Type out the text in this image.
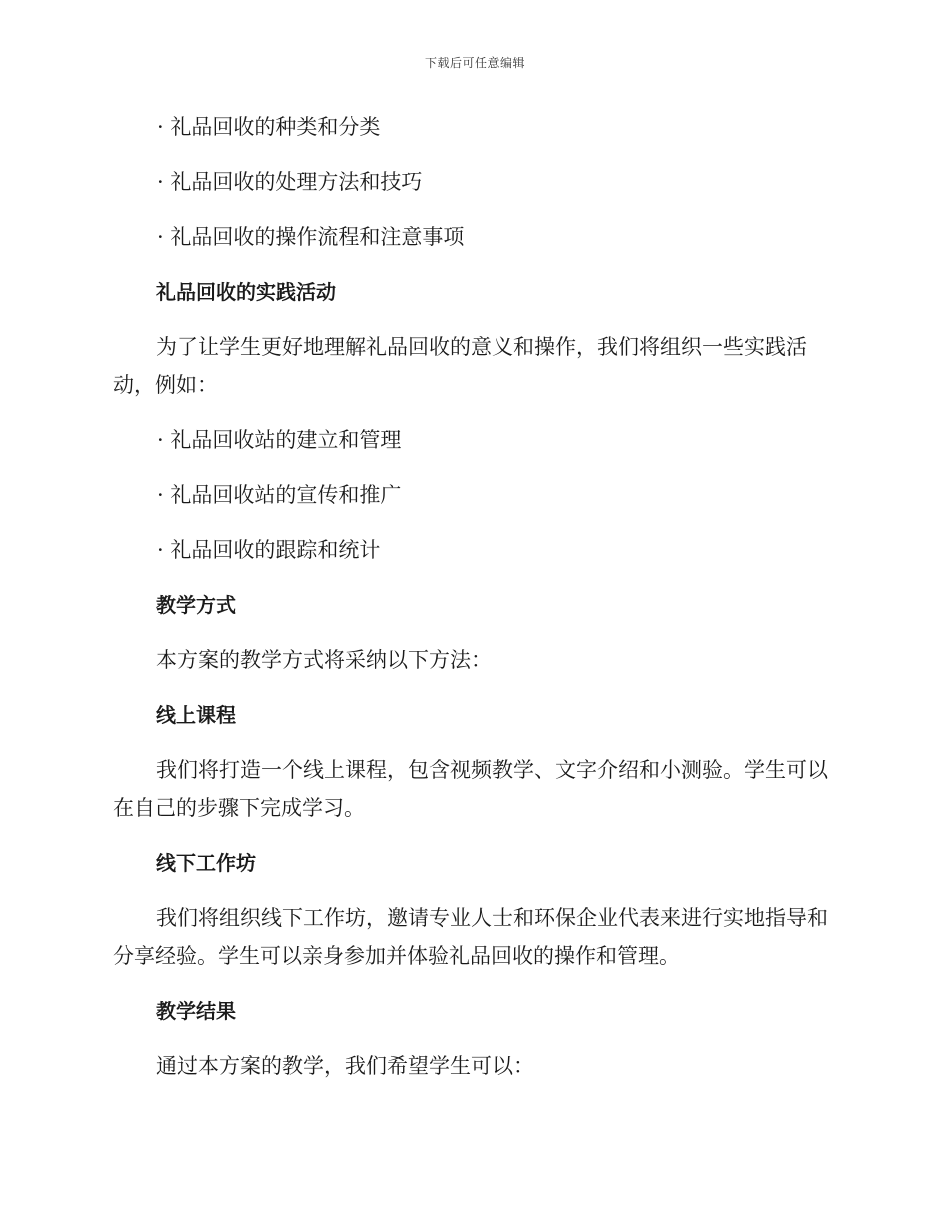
下载后可任意编辑

· 礼品回收的种类和分类

· 礼品回收的处理方法和技巧

· 礼品回收的操作流程和注意事项

礼品回收的实践活动

为了让学生更好地理解礼品回收的意义和操作，我们将组织一些实践活动，例如：

· 礼品回收站的建立和管理

· 礼品回收站的宣传和推广

· 礼品回收的跟踪和统计

教学方式

本方案的教学方式将采纳以下方法：

线上课程

我们将打造一个线上课程，包含视频教学、文字介绍和小测验。学生可以在自己的步骤下完成学习。

线下工作坊

我们将组织线下工作坊，邀请专业人士和环保企业代表来进行实地指导和分享经验。学生可以亲身参加并体验礼品回收的操作和管理。

教学结果

通过本方案的教学，我们希望学生可以：
